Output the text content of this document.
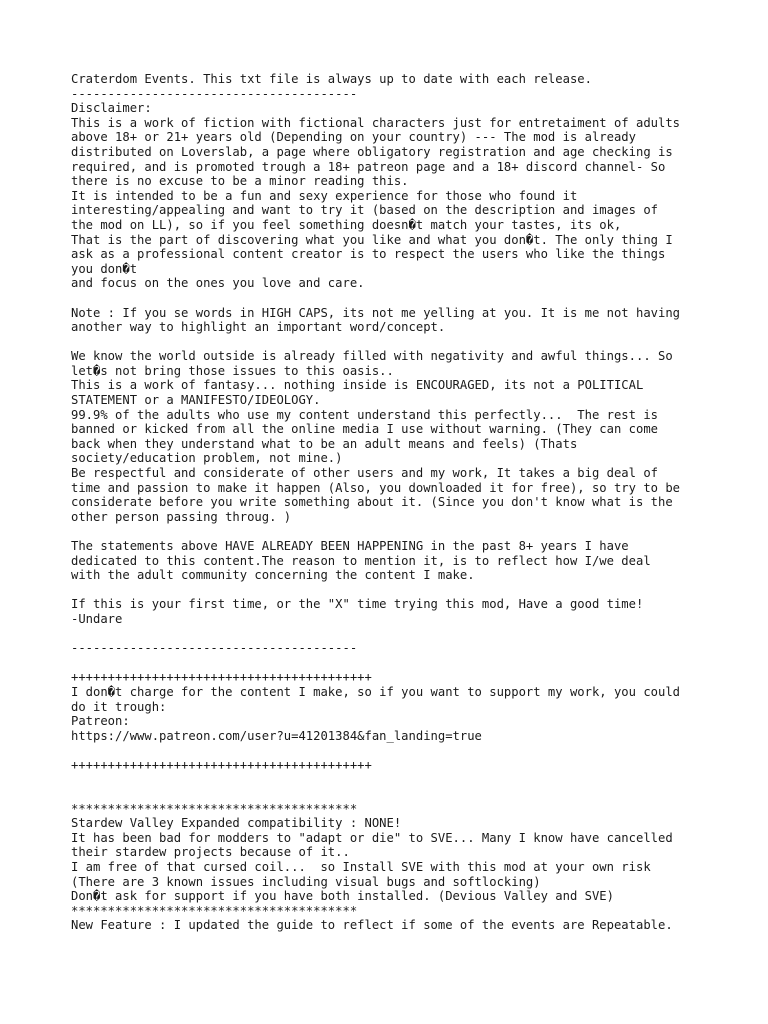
Craterdom Events. This txt file is always up to date with each release.
---------------------------------------
Disclaimer:
This is a work of fiction with fictional characters just for entretaiment of adults
above 18+ or 21+ years old (Depending on your country) --- The mod is already
distributed on Loverslab, a page where obligatory registration and age checking is
required, and is promoted trough a 18+ patreon page and a 18+ discord channel- So
there is no excuse to be a minor reading this.
It is intended to be a fun and sexy experience for those who found it
interesting/appealing and want to try it (based on the description and images of
the mod on LL), so if you feel something doesn�t match your tastes, its ok,
That is the part of discovering what you like and what you don�t. The only thing I
ask as a professional content creator is to respect the users who like the things
you don�t
and focus on the ones you love and care.
Note : If you se words in HIGH CAPS, its not me yelling at you. It is me not having
another way to highlight an important word/concept.
We know the world outside is already filled with negativity and awful things... So
let�s not bring those issues to this oasis..
This is a work of fantasy... nothing inside is ENCOURAGED, its not a POLITICAL
STATEMENT or a MANIFESTO/IDEOLOGY.
99.9% of the adults who use my content understand this perfectly...  The rest is
banned or kicked from all the online media I use without warning. (They can come
back when they understand what to be an adult means and feels) (Thats
society/education problem, not mine.)
Be respectful and considerate of other users and my work, It takes a big deal of
time and passion to make it happen (Also, you downloaded it for free), so try to be
considerate before you write something about it. (Since you don't know what is the
other person passing throug. )
The statements above HAVE ALREADY BEEN HAPPENING in the past 8+ years I have
dedicated to this content.The reason to mention it, is to reflect how I/we deal
with the adult community concerning the content I make.
If this is your first time, or the "X" time trying this mod, Have a good time!
-Undare
---------------------------------------
+++++++++++++++++++++++++++++++++++++++++
I don�t charge for the content I make, so if you want to support my work, you could
do it trough:
Patreon:
https://www.patreon.com/user?u=41201384&fan_landing=true
+++++++++++++++++++++++++++++++++++++++++
***************************************
Stardew Valley Expanded compatibility : NONE!
It has been bad for modders to "adapt or die" to SVE... Many I know have cancelled
their stardew projects because of it..
I am free of that cursed coil...  so Install SVE with this mod at your own risk
(There are 3 known issues including visual bugs and softlocking)
Don�t ask for support if you have both installed. (Devious Valley and SVE)
***************************************
New Feature : I updated the guide to reflect if some of the events are Repeatable.
